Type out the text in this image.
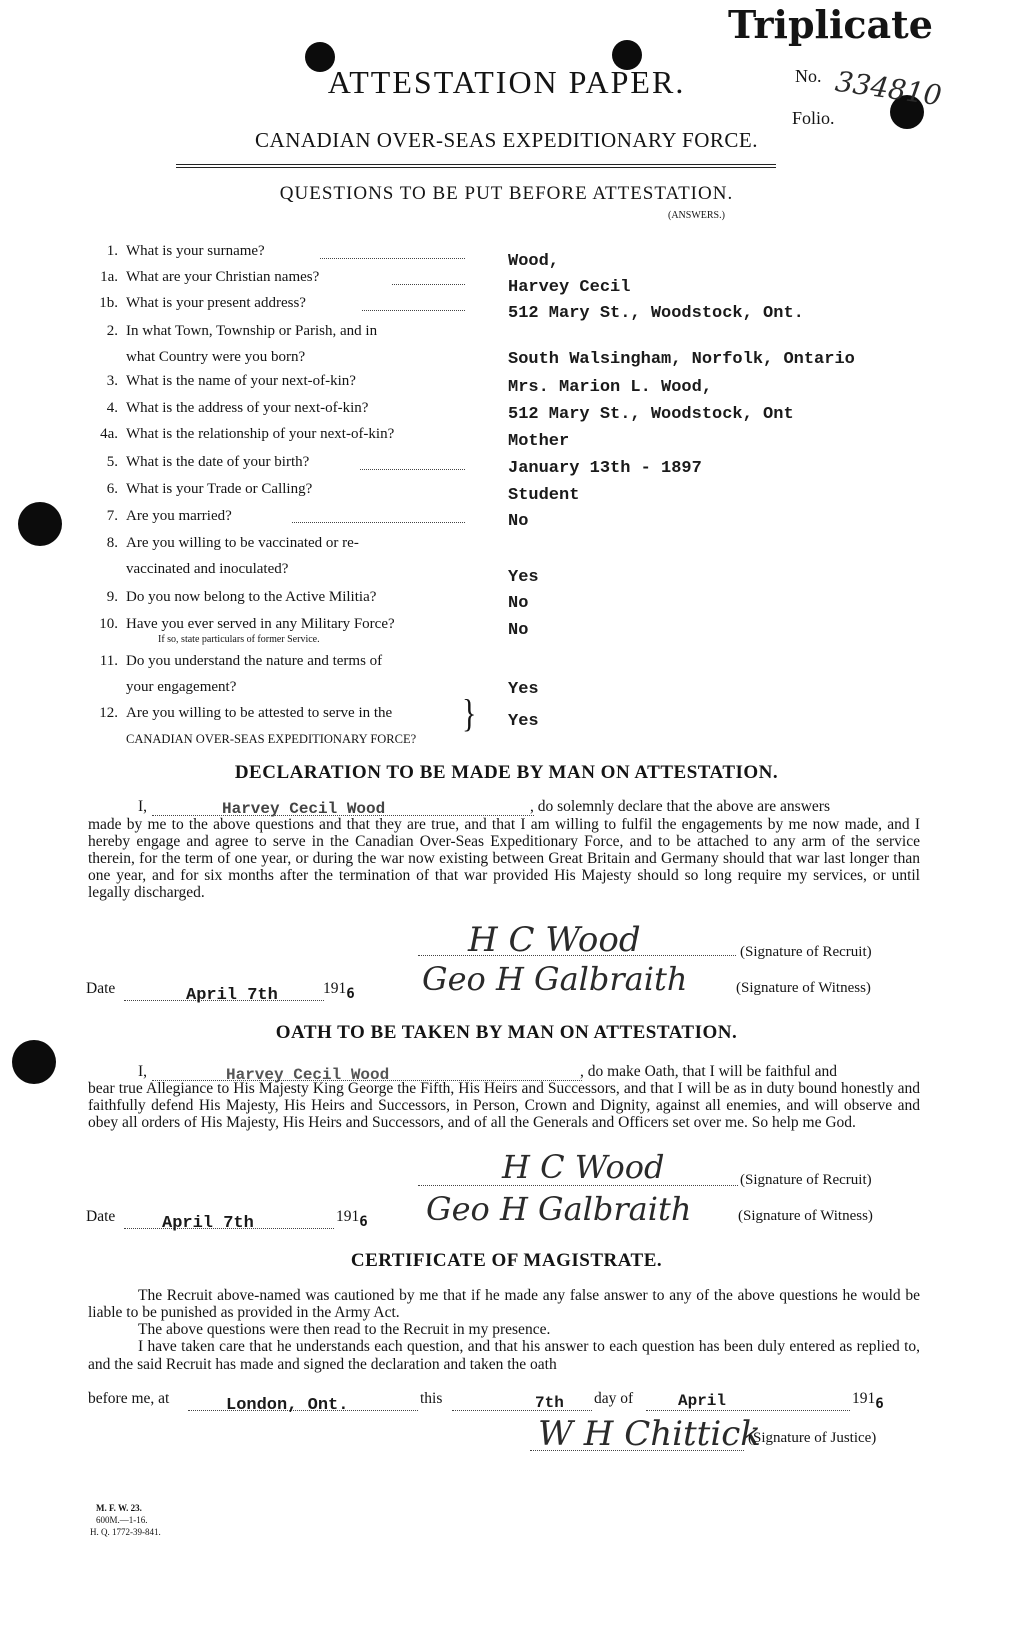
Triplicate
ATTESTATION PAPER.	No. 334810
Folio.
CANADIAN OVER-SEAS EXPEDITIONARY FORCE.
QUESTIONS TO BE PUT BEFORE ATTESTATION.
(ANSWERS.)
1. What is your surname?
Wood,
1a. What are your Christian names?
Harvey Cecil
1b. What is your present address?
512 Mary St., Woodstock, Ont.
2. In what Town, Township or Parish, and in
what Country were you born?	South Walsingham, Norfolk, Ontario
3. What is the name of your next-of-kin?	Mrs. Marion L. Wood,
4. What is the address of your next-of-kin?	512 Mary St., Woodstock, Ont
4a. What is the relationship of your next-of-kin?	Mother
5. What is the date of your birth?	January 13th - 1897
6. What is your Trade or Calling?	Student
7. Are you married?	No
8. Are you willing to be vaccinated or re-
vaccinated and inoculated?	Yes
9. Do you now belong to the Active Militia?	No
10. Have you ever served in any Military Force?
If so, state particulars of former Service.	No
11. Do you understand the nature and terms of
your engagement?	Yes
12. Are you willing to be attested to serve in the
CANADIAN OVER-SEAS EXPEDITIONARY FORCE?
} Yes
DECLARATION TO BE MADE BY MAN ON ATTESTATION.
I,	Harvey Cecil Wood	, do solemnly declare that the above are answers
made by me to the above questions and that they are true, and that I am willing to fulfil the engagements by me now made, and I hereby engage and agree to serve in the Canadian Over-Seas Expeditionary Force, and to be attached to any arm of the service therein, for the term of one year, or during the war now existing between Great Britain and Germany should that war last longer than one year, and for six months after the termination of that war provided His Majesty should so long require my services, or until legally discharged.
H C Wood	(Signature of Recruit)
Date	April 7th	1916 Geo H Galbraith	(Signature of Witness)
OATH TO BE TAKEN BY MAN ON ATTESTATION.
I,	Harvey Cecil Wood	, do make Oath, that I will be faithful and
bear true Allegiance to His Majesty King George the Fifth, His Heirs and Successors, and that I will be as in duty bound honestly and faithfully defend His Majesty, His Heirs and Successors, in Person, Crown and Dignity, against all enemies, and will observe and obey all orders of His Majesty, His Heirs and Successors, and of all the Generals and Officers set over me. So help me God.
H C Wood	(Signature of Recruit)
Date	April 7th	1916 Geo H Galbraith	(Signature of Witness)
CERTIFICATE OF MAGISTRATE.
The Recruit above-named was cautioned by me that if he made any false answer to any of the above questions he would be liable to be punished as provided in the Army Act.
The above questions were then read to the Recruit in my presence.
I have taken care that he understands each question, and that his answer to each question has been duly entered as replied to, and the said Recruit has made and signed the declaration and taken the oath
before me, at	London, Ont.	this	7th day of	April	1916
W H Chittick
(Signature of Justice)
M. F. W. 23.
600M.—1-16.
H. Q. 1772-39-841.
